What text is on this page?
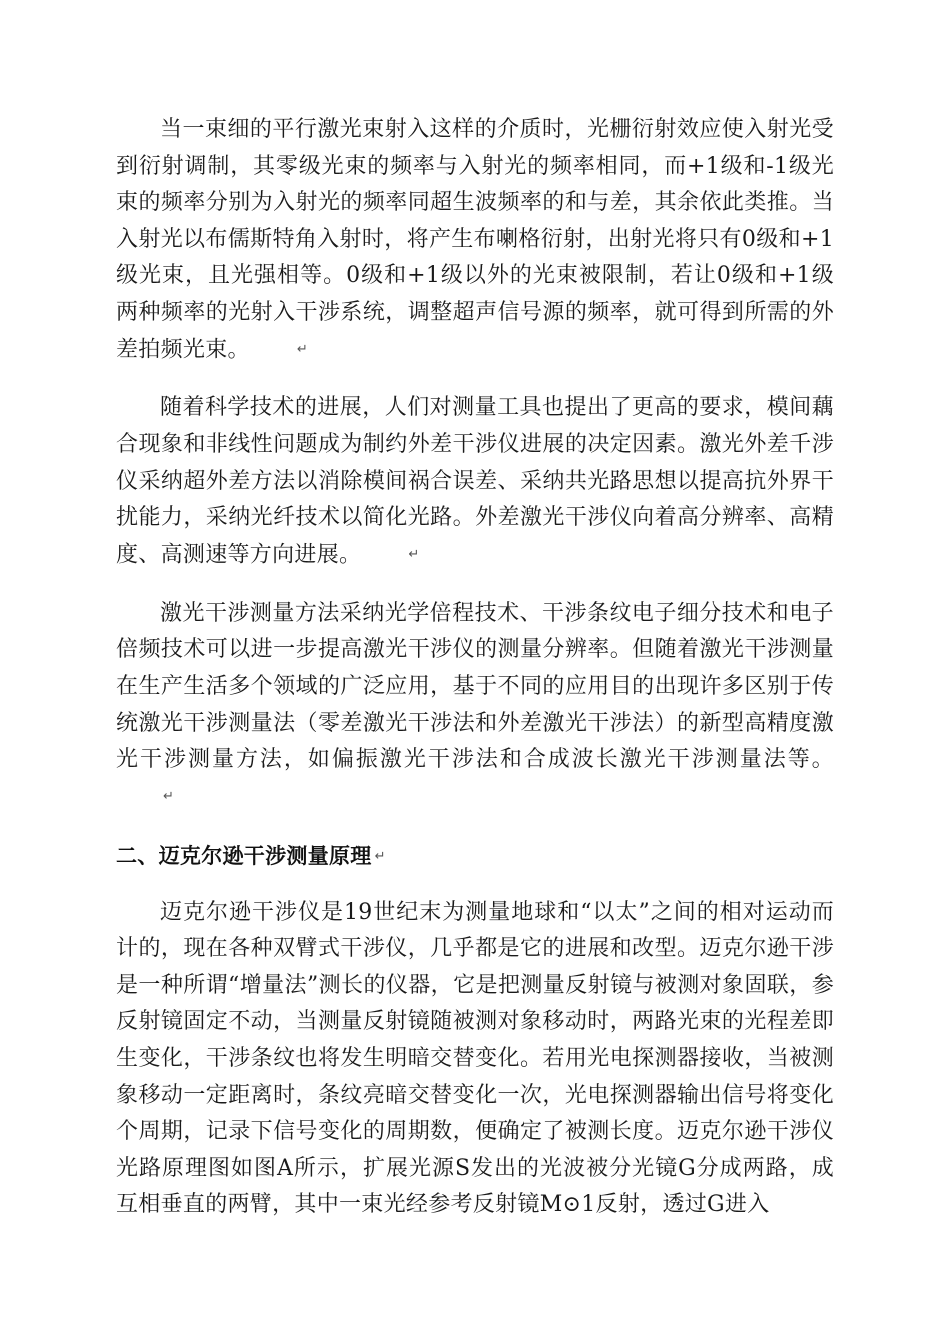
当一束细的平行激光束射入这样的介质时，光栅衍射效应使入射光受到衍射调制，其零级光束的频率与入射光的频率相同，而+1级和-1级光束的频率分别为入射光的频率同超生波频率的和与差，其余依此类推。当入射光以布儒斯特角入射时，将产生布喇格衍射，出射光将只有0级和+1级光束，且光强相等。0级和+1级以外的光束被限制，若让0级和+1级两种频率的光射入干涉系统，调整超声信号源的频率，就可得到所需的外差拍频光束。	↵

随着科学技术的进展，人们对测量工具也提出了更高的要求，模间藕合现象和非线性问题成为制约外差干涉仪进展的决定因素。激光外差千涉仪采纳超外差方法以消除模间祸合误差、采纳共光路思想以提高抗外界干扰能力，采纳光纤技术以简化光路。外差激光干涉仪向着高分辨率、高精度、高测速等方向进展。	↵

激光干涉测量方法采纳光学倍程技术、干涉条纹电子细分技术和电子倍频技术可以进一步提高激光干涉仪的测量分辨率。但随着激光干涉测量在生产生活多个领域的广泛应用，基于不同的应用目的出现许多区别于传统激光干涉测量法（零差激光干涉法和外差激光干涉法）的新型高精度激光干涉测量方法，如偏振激光干涉法和合成波长激光干涉测量法等。↵

二、迈克尔逊干涉测量原理 ↵

迈克尔逊干涉仪是19世纪末为测量地球和“以太”之间的相对运动而计的，现在各种双臂式干涉仪，几乎都是它的进展和改型。迈克尔逊干涉是一种所谓“增量法”测长的仪器，它是把测量反射镜与被测对象固联，参反射镜固定不动，当测量反射镜随被测对象移动时，两路光束的光程差即生变化，干涉条纹也将发生明暗交替变化。若用光电探测器接收，当被测象移动一定距离时，条纹亮暗交替变化一次，光电探测器输出信号将变化个周期，记录下信号变化的周期数，便确定了被测长度。迈克尔逊干涉仪光路原理图如图A所示，扩展光源S发出的光波被分光镜G分成两路，成互相垂直的两臂，其中一束光经参考反射镜M⊙1反射，透过G进入
